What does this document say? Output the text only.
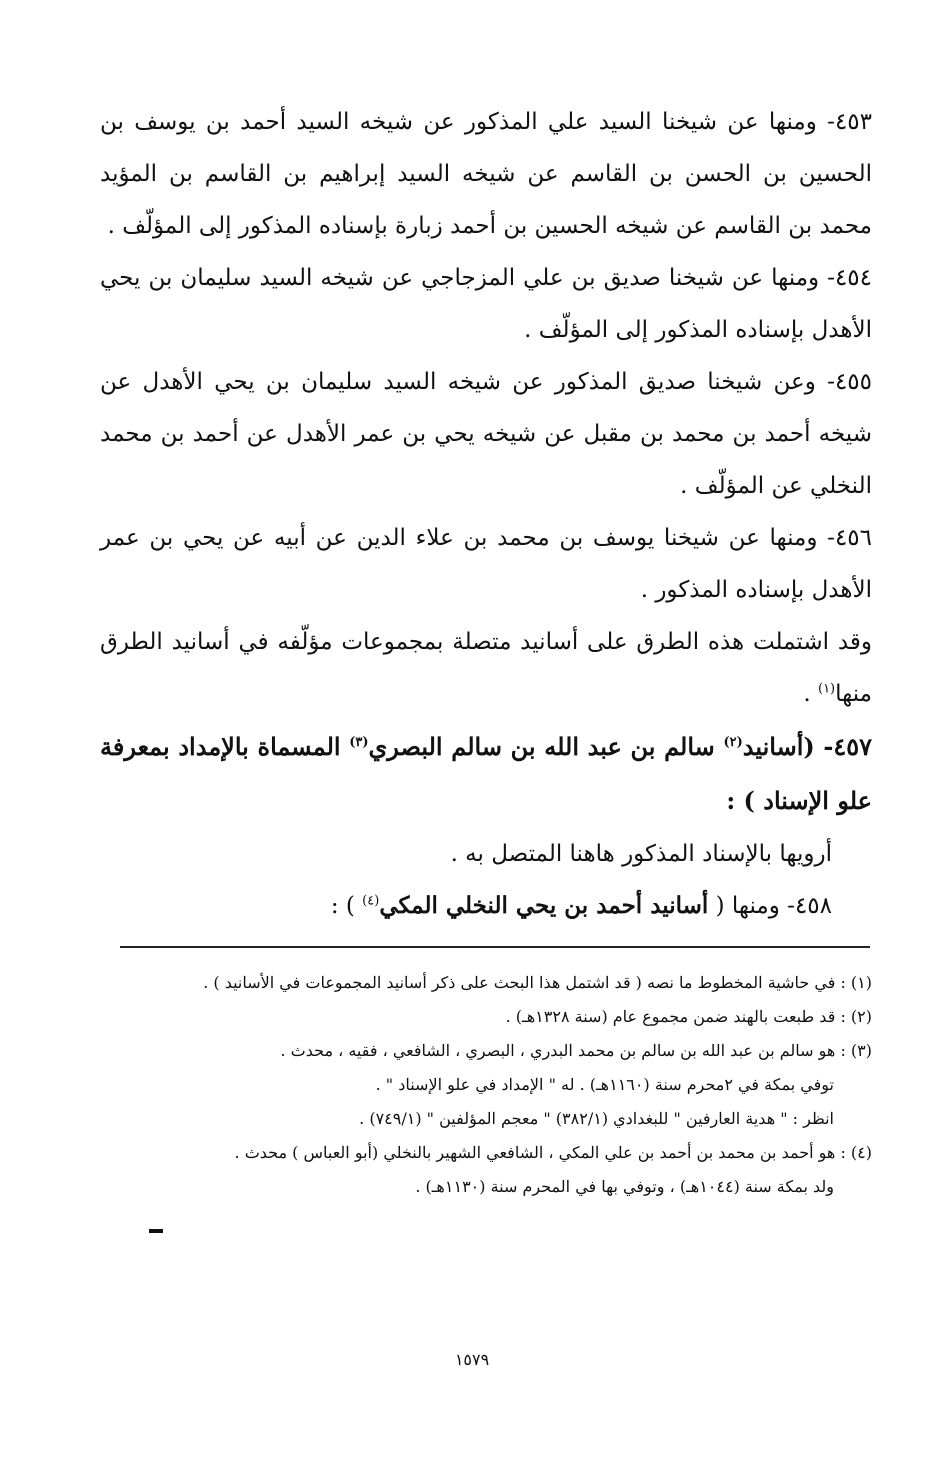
٤٥٣- ومنها عن شيخنا السيد علي المذكور عن شيخه السيد أحمد بن يوسف بن الحسين بن الحسن بن القاسم عن شيخه السيد إبراهيم بن القاسم بن المؤيد محمد بن القاسم عن شيخه الحسين بن أحمد زبارة بإسناده المذكور إلى المؤلّف .

٤٥٤- ومنها عن شيخنا صديق بن علي المزجاجي عن شيخه السيد سليمان بن يحي الأهدل بإسناده المذكور إلى المؤلّف .

٤٥٥- وعن شيخنا صديق المذكور عن شيخه السيد سليمان بن يحي الأهدل عن شيخه أحمد بن محمد بن مقبل عن شيخه يحي بن عمر الأهدل عن أحمد بن محمد النخلي عن المؤلّف .

٤٥٦- ومنها عن شيخنا يوسف بن محمد بن علاء الدين عن أبيه عن يحي بن عمر الأهدل بإسناده المذكور .

وقد اشتملت هذه الطرق على أسانيد متصلة بمجموعات مؤلّفه في أسانيد الطرق منها$^{(١)}$ .

٤٥٧- (أسانيد$^{(٢)}$ سالم بن عبد الله بن سالم البصري$^{(٣)}$ المسماة بالإمداد بمعرفة علو الإسناد ) :

أرويها بالإسناد المذكور هاهنا المتصل به .

٤٥٨- ومنها ( أسانيد أحمد بن يحي النخلي المكي$^{(٤)}$ ) :

(١) : في حاشية المخطوط ما نصه ( قد اشتمل هذا البحث على ذكر أسانيد المجموعات في الأسانيد ) .

(٢) : قد طبعت بالهند ضمن مجموع عام (سنة ١٣٢٨هـ) .

(٣) : هو سالم بن عبد الله بن سالم بن محمد البدري ، البصري ، الشافعي ، فقيه ، محدث .

توفي بمكة في ٢محرم سنة (١١٦٠هـ) . له " الإمداد في علو الإسناد " .

انظر : " هدية العارفين " للبغدادي (٣٨٢/١) " معجم المؤلفين " (٧٤٩/١) .

(٤) : هو أحمد بن محمد بن أحمد بن علي المكي ، الشافعي الشهير بالنخلي (أبو العباس ) محدث .

ولد بمكة سنة (١٠٤٤هـ) ، وتوفي بها في المحرم سنة (١١٣٠هـ) .

١٥٧٩
